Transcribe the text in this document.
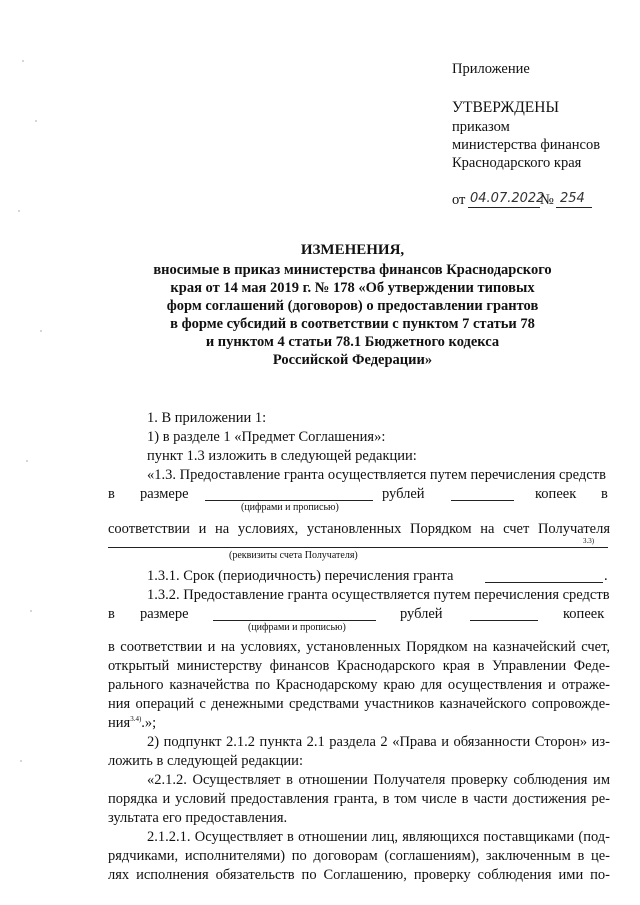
Приложение
УТВЕРЖДЕНЫ
приказом
министерства финансов
Краснодарского края
от 04.07.2022
№ 254
ИЗМЕНЕНИЯ,
вносимые в приказ министерства финансов Краснодарского
края от 14 мая 2019 г. № 178 «Об утверждении типовых
форм соглашений (договоров) о предоставлении грантов
в форме субсидий в соответствии с пунктом 7 статьи 78
и пунктом 4 статьи 78.1 Бюджетного кодекса
Российской Федерации»
1. В приложении 1:
1) в разделе 1 «Предмет Соглашения»:
пункт 1.3 изложить в следующей редакции:
«1.3. Предоставление гранта осуществляется путем перечисления средств
в размере	рублей	копеек в
(цифрами и прописью)
соответствии и на условиях, установленных Порядком на счет Получателя
3.3)
(реквизиты счета Получателя)
1.3.1. Срок (периодичность) перечисления гранта	.
1.3.2. Предоставление гранта осуществляется путем перечисления средств
в размере	рублей	копеек
(цифрами и прописью)
в соответствии и на условиях, установленных Порядком на казначейский счет,
открытый министерству финансов Краснодарского края в Управлении Феде-
рального казначейства по Краснодарскому краю для осуществления и отраже-
ния операций с денежными средствами участников казначейского сопровожде-
ния$^{3.4)}$.»;
2) подпункт 2.1.2 пункта 2.1 раздела 2 «Права и обязанности Сторон» из-
ложить в следующей редакции:
«2.1.2. Осуществляет в отношении Получателя проверку соблюдения им
порядка и условий предоставления гранта, в том числе в части достижения ре-
зультата его предоставления.
2.1.2.1. Осуществляет в отношении лиц, являющихся поставщиками (под-
рядчиками, исполнителями) по договорам (соглашениям), заключенным в це-
лях исполнения обязательств по Соглашению, проверку соблюдения ими по-
